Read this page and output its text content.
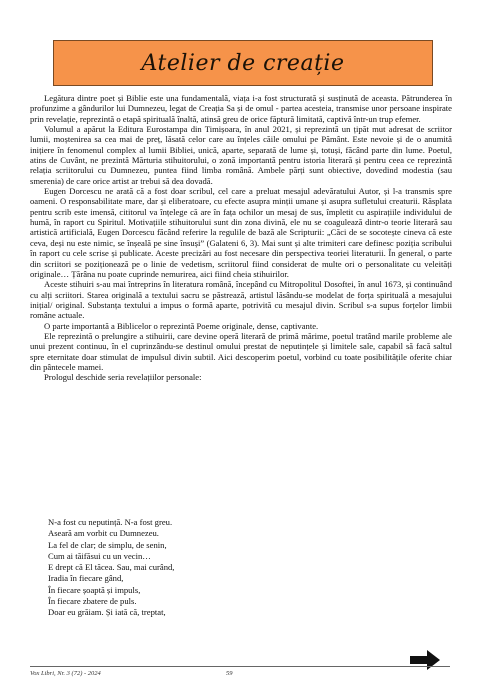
Atelier de creație

Legătura dintre poet și Biblie este una fundamentală, viața i-a fost structurată și susținută de aceasta. Pătrunderea în profunzime a gândurilor lui Dumnezeu, legat de Creația Sa și de omul - partea acesteia, transmise unor persoane inspirate prin revelație, reprezintă o etapă spirituală înaltă, atinsă greu de orice făptură limitată, captivă într-un trup efemer.

Volumul a apărut la Editura Eurostampa din Timișoara, în anul 2021, și reprezintă un țipăt mut adresat de scriitor lumii, moștenirea sa cea mai de preț, lăsată celor care au înțeles căile omului pe Pământ. Este nevoie și de o anumită inițiere în fenomenul complex al lumii Bibliei, unică, aparte, separată de lume și, totuși, făcând parte din lume. Poetul, atins de Cuvânt, ne prezintă Mărturia stihuitorului, o zonă importantă pentru istoria literară și pentru ceea ce reprezintă relația scriitorului cu Dumnezeu, puntea fiind limba română. Ambele părți sunt obiective, dovedind modestia (sau smerenia) de care orice artist ar trebui să dea dovadă.

Eugen Dorcescu ne arată că a fost doar scribul, cel care a preluat mesajul adevăratului Autor, și l-a transmis spre oameni. O responsabilitate mare, dar și eliberatoare, cu efecte asupra minții umane și asupra sufletului creaturii. Răsplata pentru scrib este imensă, cititorul va înțelege că are în fața ochilor un mesaj de sus, împletit cu aspirațiile individului de humă, în raport cu Spiritul. Motivațiile stihuitorului sunt din zona divină, ele nu se coagulează dintr-o teorie literară sau artistică artificială, Eugen Dorcescu făcând referire la regulile de bază ale Scripturii: „Căci de se socotește cineva că este ceva, deși nu este nimic, se înșeală pe sine însuși” (Galateni 6, 3). Mai sunt și alte trimiteri care definesc poziția scribului în raport cu cele scrise și publicate. Aceste precizări au fost necesare din perspectiva teoriei literaturii. În general, o parte din scriitori se poziționează pe o linie de vedetism, scriitorul fiind considerat de multe ori o personalitate cu veleități originale… Țărâna nu poate cuprinde nemurirea, aici fiind cheia stihuirilor.

Aceste stihuiri s-au mai întreprins în literatura română, începând cu Mitropolitul Dosoftei, în anul 1673, și continuând cu alți scriitori. Starea originală a textului sacru se păstrează, artistul lăsându-se modelat de forța spirituală a mesajului inițial/ original. Substanța textului a impus o formă aparte, potrivită cu mesajul divin. Scribul s-a supus forțelor limbii române actuale.

O parte importantă a Biblicelor o reprezintă Poeme originale, dense, captivante.

Ele reprezintă o prelungire a stihuirii, care devine operă literară de primă mărime, poetul tratând marile probleme ale unui prezent continuu, în el cuprinzându-se destinul omului prestat de neputințele și limitele sale, capabil să facă saltul spre eternitate doar stimulat de impulsul divin subtil. Aici descoperim poetul, vorbind cu toate posibilitățile oferite chiar din pântecele mamei.

Prologul deschide seria revelațiilor personale:

N-a fost cu neputință. N-a fost greu.
Aseară am vorbit cu Dumnezeu.
La fel de clar; de simplu, de senin,
Cum ai tăifăsui cu un vecin…
E drept că El tăcea. Sau, mai curând,
Iradia în fiecare gând,
În fiecare șoaptă și impuls,
În fiecare zbatere de puls.
Doar eu grăiam. Și iată că, treptat,
Vox Libri, Nr. 3 (72) - 2024	59
